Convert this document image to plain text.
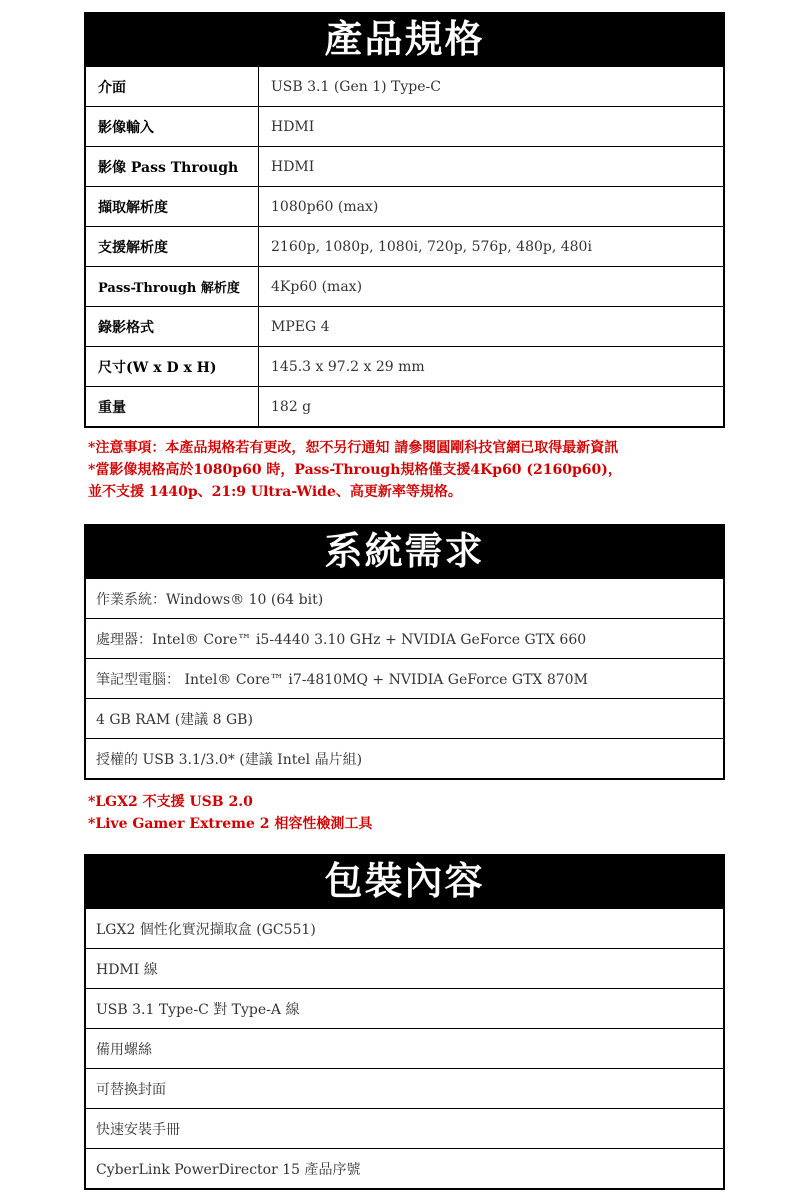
產品規格
介面	USB 3.1 (Gen 1) Type-C
影像輸入	HDMI
影像 Pass Through	HDMI
擷取解析度	1080p60 (max)
支援解析度	2160p, 1080p, 1080i, 720p, 576p, 480p, 480i
Pass-Through 解析度	4Kp60 (max)
錄影格式	MPEG 4
尺寸(W x D x H)	145.3 x 97.2 x 29 mm
重量	182 g
*注意事項：本產品規格若有更改，恕不另行通知 請參閱圓剛科技官網已取得最新資訊
*當影像規格高於1080p60 時，Pass-Through規格僅支援4Kp60 (2160p60)，
並不支援 1440p、21:9 Ultra-Wide、高更新率等規格。
系統需求
作業系統：Windows® 10 (64 bit)
處理器：Intel® Core™ i5-4440 3.10 GHz + NVIDIA GeForce GTX 660
筆記型電腦： Intel® Core™ i7-4810MQ + NVIDIA GeForce GTX 870M
4 GB RAM (建議 8 GB)
授權的 USB 3.1/3.0* (建議 Intel 晶片組)
*LGX2 不支援 USB 2.0
*Live Gamer Extreme 2 相容性檢測工具
包裝內容
LGX2 個性化實況擷取盒 (GC551)
HDMI 線
USB 3.1 Type-C 對 Type-A 線
備用螺絲
可替換封面
快速安裝手冊
CyberLink PowerDirector 15 產品序號
